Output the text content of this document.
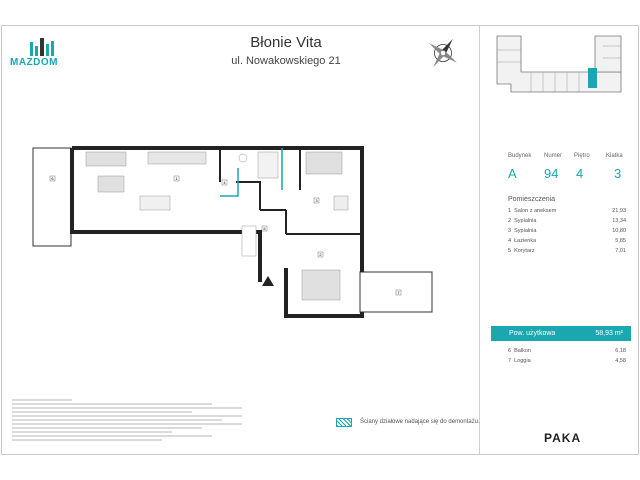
MAZDOM
Błonie Vita
ul. Nowakowskiego 21
6	1
4
3
5
2
7
Budynek Numer Piętro	Klatka
A 94 4 3
Pomieszczenia
1 Salon z aneksem	21,93
2 Sypialnia	13,34
3 Sypialnia	10,80
4 Łazienka	5,85
5 Korytarz	7,01
Pow. użytkowa	58,93 m²
6 Balkon	6,18
7 Loggia	4,58
Ściany działowe nadające się do demontażu.
PAKA
